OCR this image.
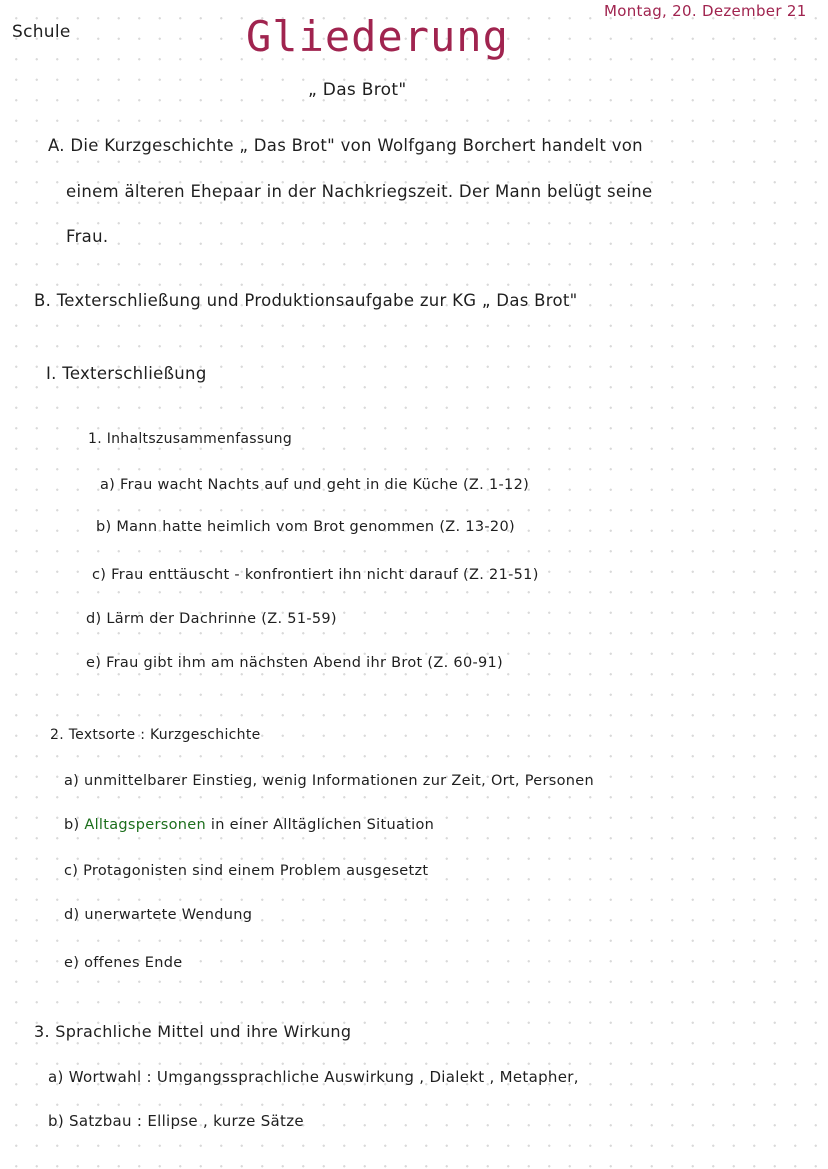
Schule

Montag, 20. Dezember 21

Gliederung

„ Das Brot"

A. Die Kurzgeschichte „ Das Brot" von Wolfgang Borchert handelt von

einem älteren Ehepaar in der Nachkriegszeit. Der Mann belügt seine

Frau.

B. Texterschließung und Produktionsaufgabe zur KG „ Das Brot"

I. Texterschließung

1. Inhaltszusammenfassung

a) Frau wacht Nachts auf und geht in die Küche (Z. 1-12)

b) Mann hatte heimlich vom Brot genommen (Z. 13-20)

c) Frau enttäuscht - konfrontiert ihn nicht darauf (Z. 21-51)

d) Lärm der Dachrinne (Z. 51-59)

e) Frau gibt ihm am nächsten Abend ihr Brot (Z. 60-91)

2. Textsorte : Kurzgeschichte

a) unmittelbarer Einstieg, wenig Informationen zur Zeit, Ort, Personen

b) Alltagspersonen in einer Alltäglichen Situation

c) Protagonisten sind einem Problem ausgesetzt

d) unerwartete Wendung

e) offenes Ende

3. Sprachliche Mittel und ihre Wirkung

a) Wortwahl : Umgangssprachliche Auswirkung , Dialekt , Metapher,

b) Satzbau : Ellipse , kurze Sätze
